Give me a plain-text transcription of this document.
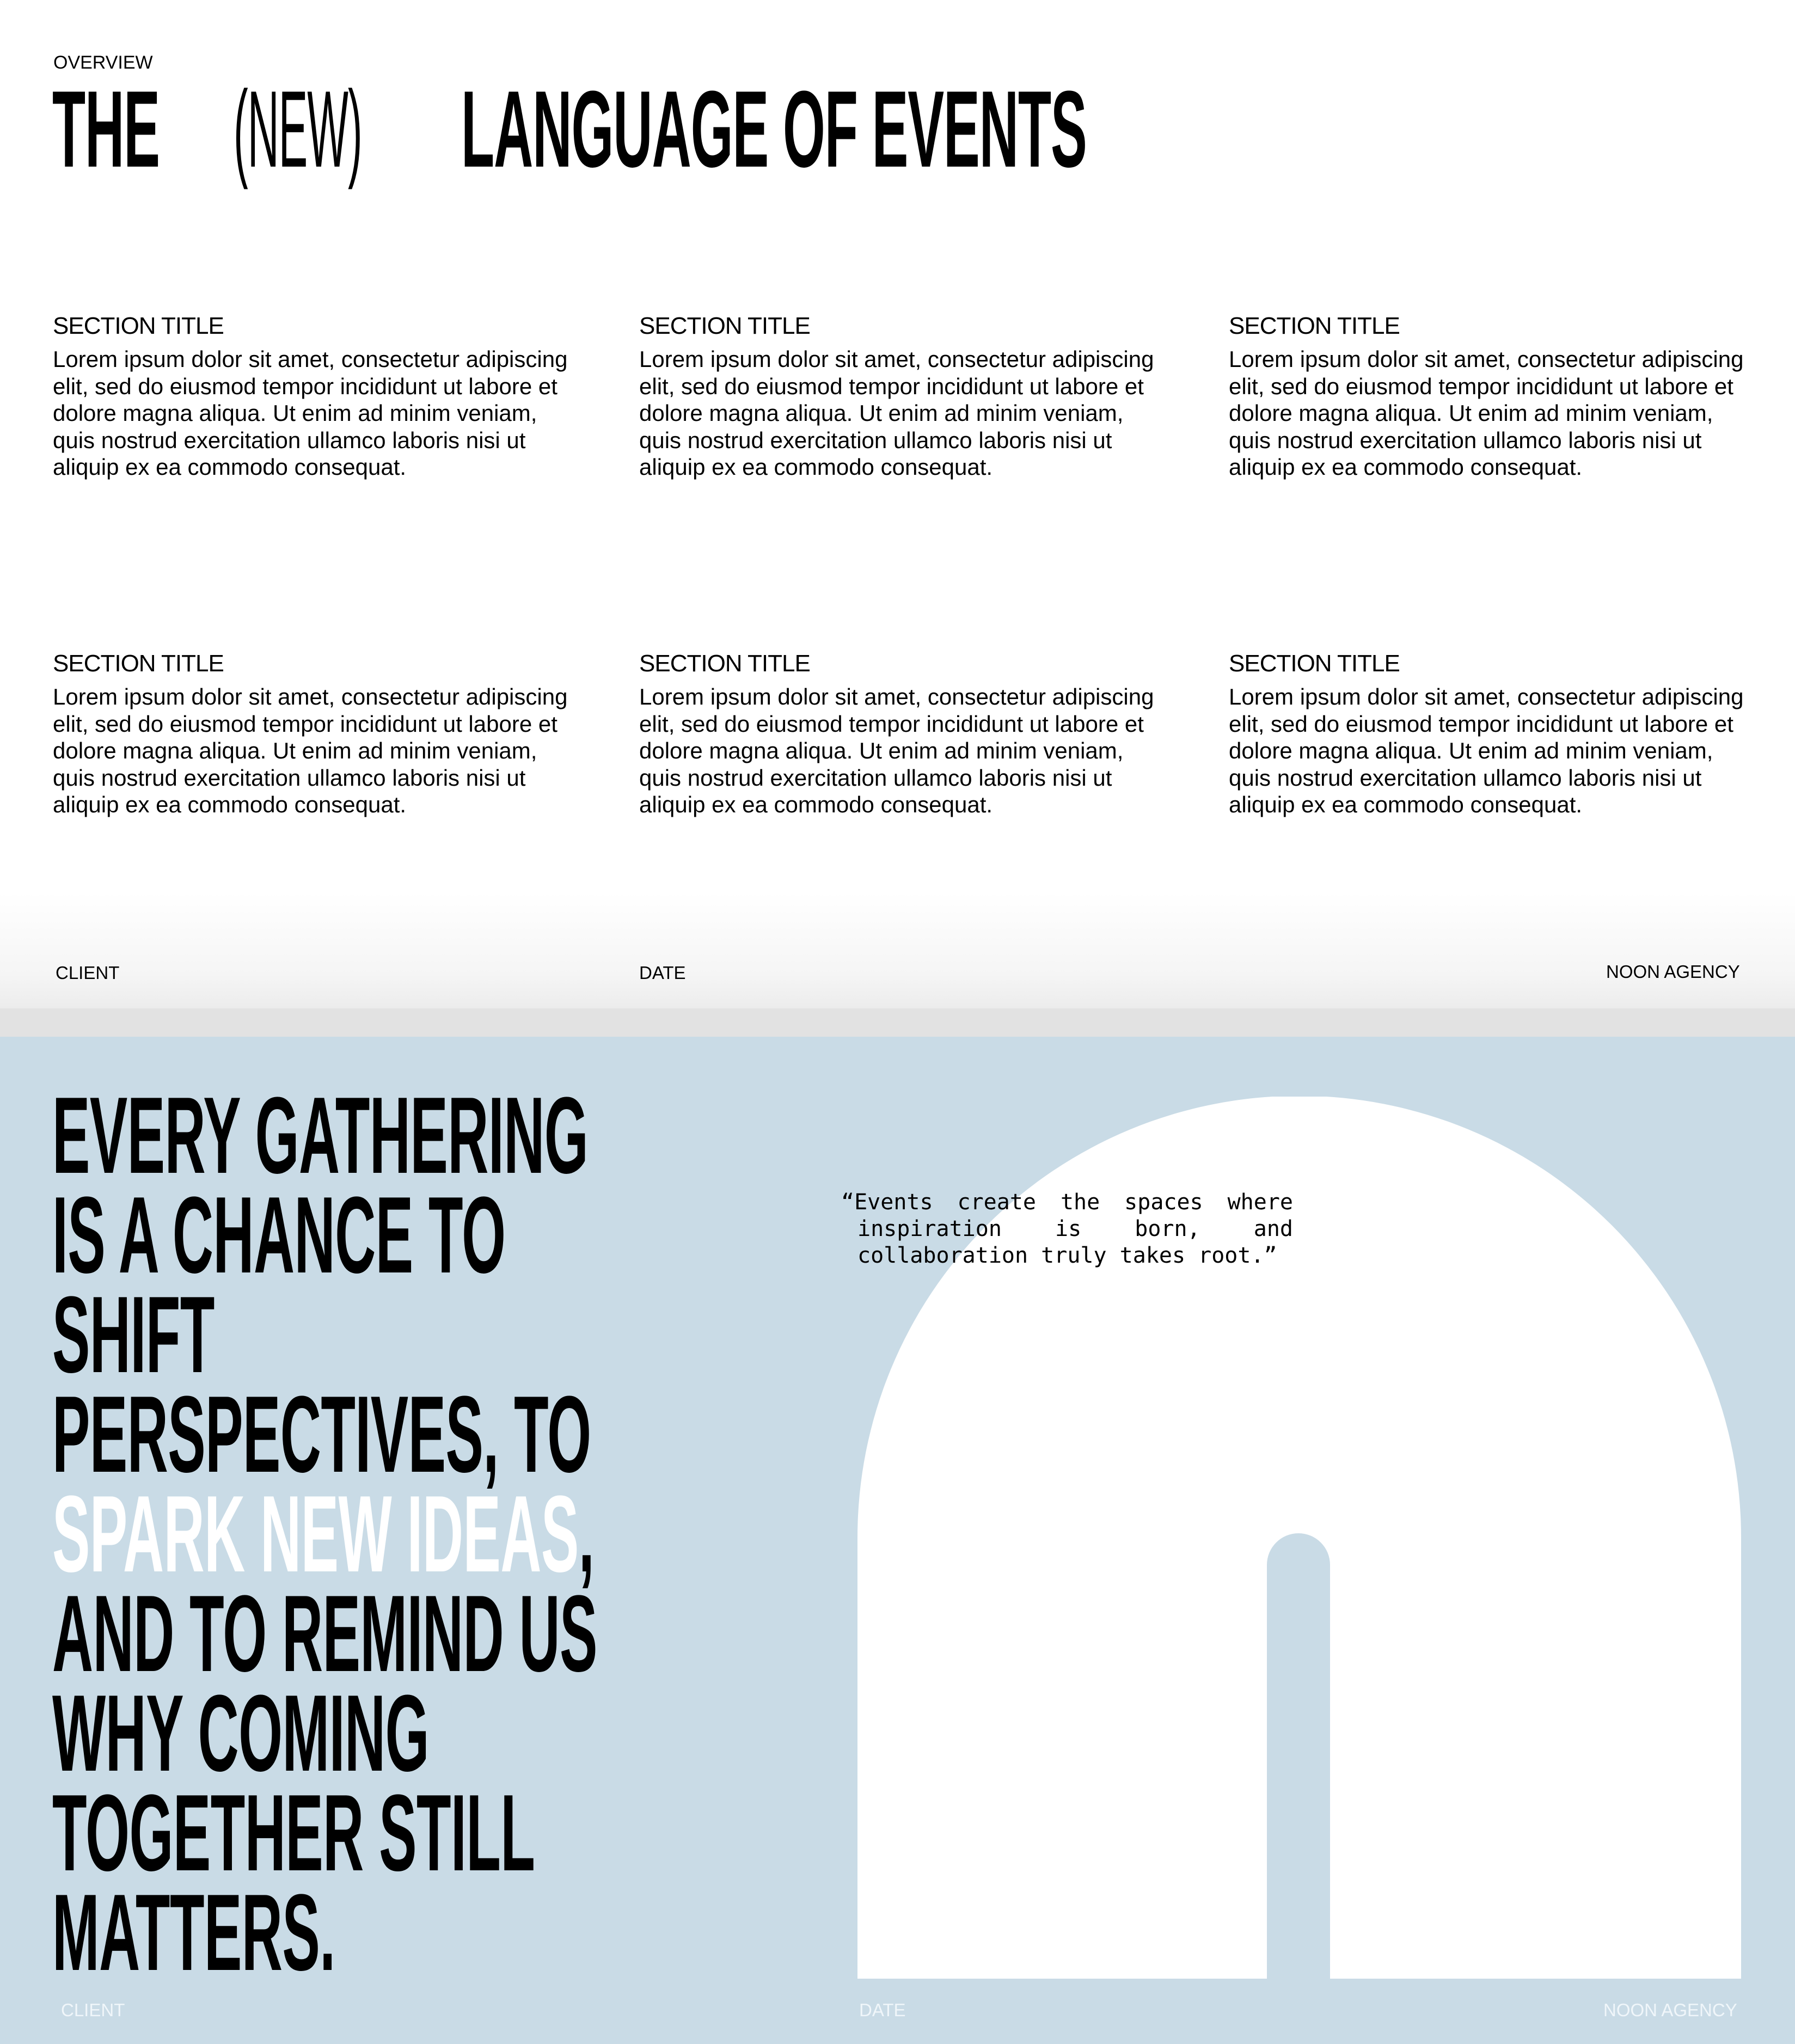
OVERVIEW
THE (NEW) LANGUAGE OF EVENTS
SECTION TITLE

Lorem ipsum dolor sit amet, consectetur adipiscing elit, sed do eiusmod tempor incididunt ut labore et dolore magna aliqua. Ut enim ad minim veniam, quis nostrud exercitation ullamco laboris nisi ut aliquip ex ea commodo consequat.

SECTION TITLE

Lorem ipsum dolor sit amet, consectetur adipiscing elit, sed do eiusmod tempor incididunt ut labore et dolore magna aliqua. Ut enim ad minim veniam, quis nostrud exercitation ullamco laboris nisi ut aliquip ex ea commodo consequat.

SECTION TITLE

Lorem ipsum dolor sit amet, consectetur adipiscing elit, sed do eiusmod tempor incididunt ut labore et dolore magna aliqua. Ut enim ad minim veniam, quis nostrud exercitation ullamco laboris nisi ut aliquip ex ea commodo consequat.

SECTION TITLE

Lorem ipsum dolor sit amet, consectetur adipiscing elit, sed do eiusmod tempor incididunt ut labore et dolore magna aliqua. Ut enim ad minim veniam, quis nostrud exercitation ullamco laboris nisi ut aliquip ex ea commodo consequat.

SECTION TITLE

Lorem ipsum dolor sit amet, consectetur adipiscing elit, sed do eiusmod tempor incididunt ut labore et dolore magna aliqua. Ut enim ad minim veniam, quis nostrud exercitation ullamco laboris nisi ut aliquip ex ea commodo consequat.

SECTION TITLE

Lorem ipsum dolor sit amet, consectetur adipiscing elit, sed do eiusmod tempor incididunt ut labore et dolore magna aliqua. Ut enim ad minim veniam, quis nostrud exercitation ullamco laboris nisi ut aliquip ex ea commodo consequat.

CLIENT	DATE	NOON AGENCY

“Events create the spaces where inspiration is born, and collaboration truly takes root.”

EVERY GATHERING
IS A CHANCE TO
SHIFT
PERSPECTIVES, TO
SPARK NEW IDEAS,
AND TO REMIND US
WHY COMING
TOGETHER STILL
MATTERS.
CLIENT	DATE	NOON AGENCY
